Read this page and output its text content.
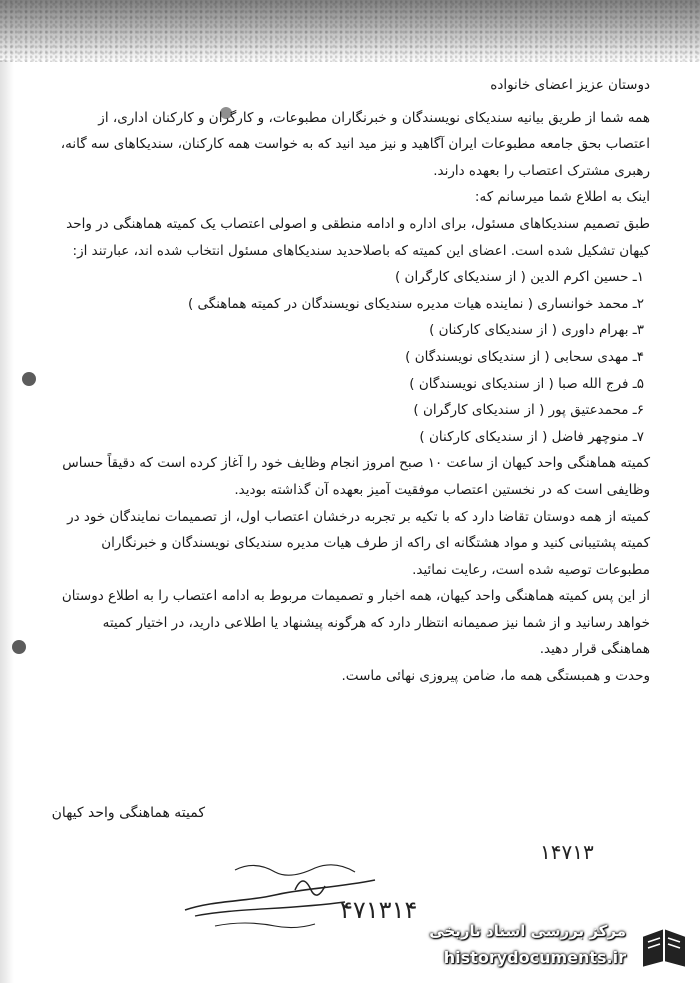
دوستان عزیز اعضای خانواده

همه شما از طریق بیانیه سندیکای نویسندگان و خبرنگاران مطبوعات، و کارگران و کارکنان اداری، از اعتصاب بحق جامعه مطبوعات ایران آگاهید و نیز مید انید که به خواست همه کارکنان، سندیکاهای سه گانه، رهبری مشترک اعتصاب را بعهده دارند.

اینک به اطلاع شما میرسانم که:

طبق تصمیم سندیکاهای مسئول، برای اداره و ادامه منطقی و اصولی اعتصاب یک کمیته هماهنگی در واحد کیهان تشکیل شده است. اعضای این کمیته که باصلاحدید سندیکاهای مسئول انتخاب شده اند، عبارتند از:

۱ـ حسین اکرم الدین ( از سندیکای کارگران )
۲ـ محمد خوانساری ( نماینده هیات مدیره سندیکای نویسندگان در کمیته هماهنگی )
۳ـ بهرام داوری ( از سندیکای کارکنان )
۴ـ مهدی سحابی ( از سندیکای نویسندگان )
۵ـ فرج الله صبا ( از سندیکای نویسندگان )
۶ـ محمدعتیق پور ( از سندیکای کارگران )
۷ـ منوچهر فاضل ( از سندیکای کارکنان )

کمیته هماهنگی واحد کیهان از ساعت ۱۰ صبح امروز انجام وظایف خود را آغاز کرده است که دقیقاً حساس وظایفی است که در نخستین اعتصاب موفقیت آمیز بعهده آن گذاشته بودید.

کمیته از همه دوستان تقاضا دارد که با تکیه بر تجربه درخشان اعتصاب اول، از تصمیمات نمایندگان خود در کمیته پشتیبانی کنید و مواد هشتگانه ای راکه از طرف هیات مدیره سندیکای نویسندگان و خبرنگاران مطبوعات توصیه شده است، رعایت نمائید.

از این پس کمیته هماهنگی واحد کیهان، همه اخبار و تصمیمات مربوط به ادامه اعتصاب را به اطلاع دوستان خواهد رسانید و از شما نیز صمیمانه انتظار دارد که هرگونه پیشنهاد یا اطلاعی دارید، در اختیار کمیته هماهنگی قرار دهید.

وحدت و همبستگی همه ما، ضامن پیروزی نهائی ماست.

کمیته هماهنگی واحد کیهان
۱۴۷۱۳
۴۷۱۳۱۴
مرکز بررسی اسناد تاریخی
historydocuments.ir
